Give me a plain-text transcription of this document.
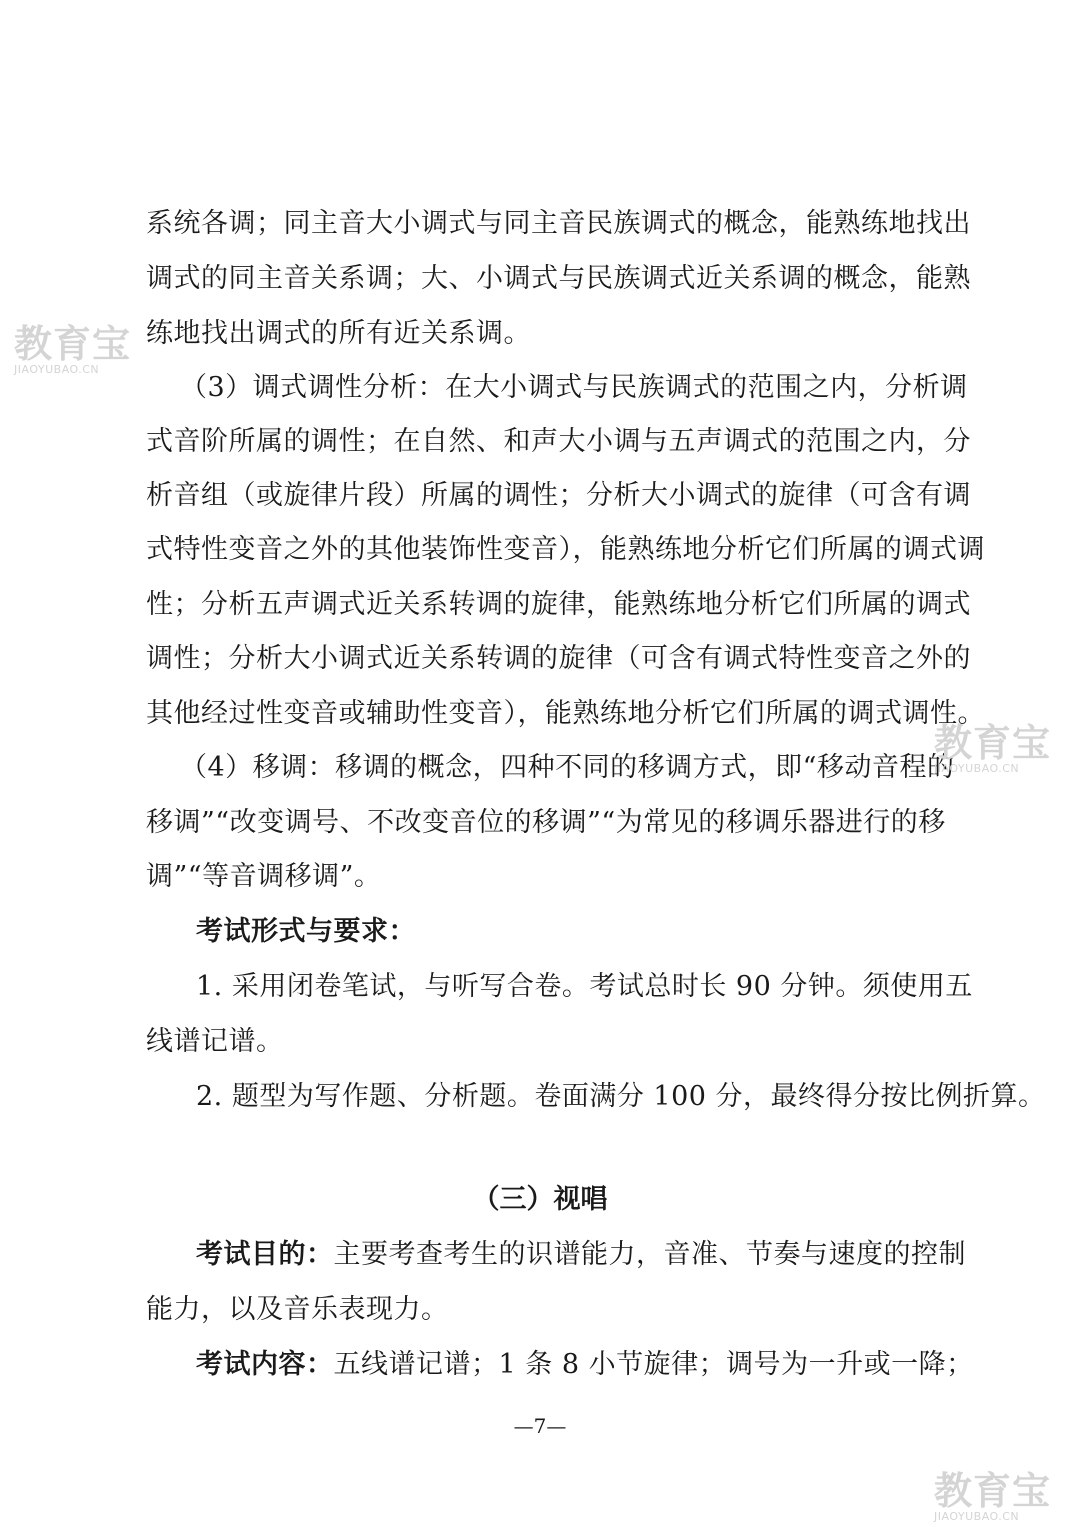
系统各调；同主音大小调式与同主音民族调式的概念，能熟练地找出
调式的同主音关系调；大、小调式与民族调式近关系调的概念，能熟
练地找出调式的所有近关系调。
（3）调式调性分析：在大小调式与民族调式的范围之内，分析调
式音阶所属的调性；在自然、和声大小调与五声调式的范围之内，分
析音组（或旋律片段）所属的调性；分析大小调式的旋律（可含有调
式特性变音之外的其他装饰性变音），能熟练地分析它们所属的调式调
性；分析五声调式近关系转调的旋律，能熟练地分析它们所属的调式
调性；分析大小调式近关系转调的旋律（可含有调式特性变音之外的
其他经过性变音或辅助性变音），能熟练地分析它们所属的调式调性。
（4）移调：移调的概念，四种不同的移调方式，即“移动音程的
移调”“改变调号、不改变音位的移调”“为常见的移调乐器进行的移
调”“等音调移调”。
考试形式与要求：
1. 采用闭卷笔试，与听写合卷。考试总时长 90 分钟。须使用五
线谱记谱。
2. 题型为写作题、分析题。卷面满分 100 分，最终得分按比例折算。
（三）视唱
考试目的：主要考查考生的识谱能力，音准、节奏与速度的控制
能力，以及音乐表现力。
考试内容：五线谱记谱；1 条 8 小节旋律；调号为一升或一降；
—7—
教育宝
JIAOYUBAO.CN
教育宝
JIAOYUBAO.CN
教育宝
JIAOYUBAO.CN
